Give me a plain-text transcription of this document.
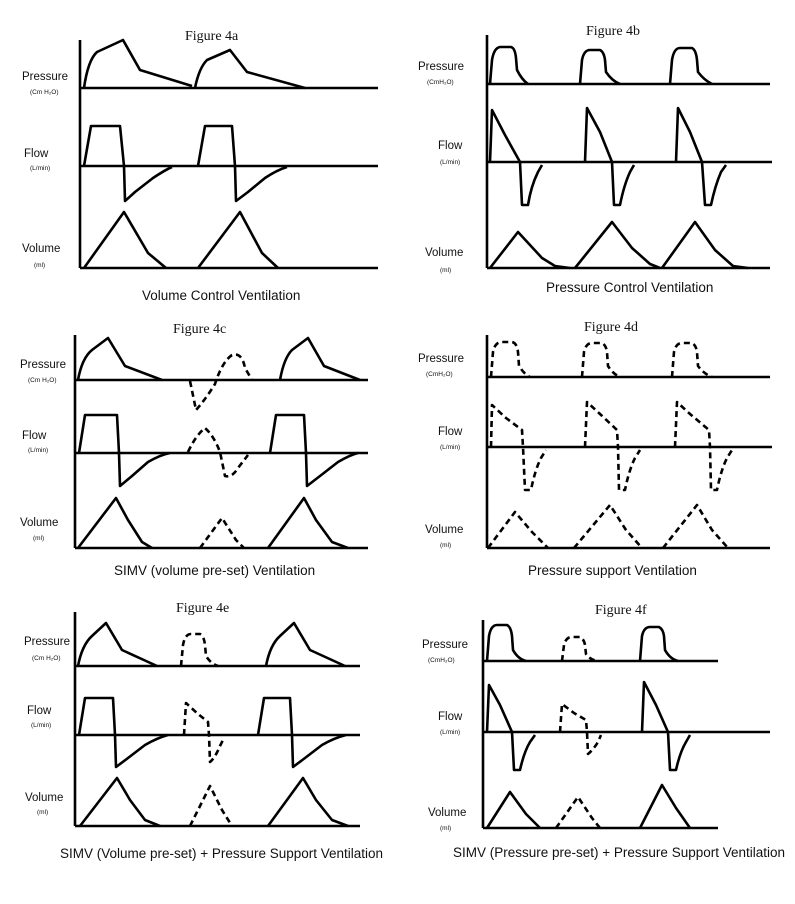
Figure 4a
Pressure
(Cm H₂O)
Flow
(L/min)
Volume
(ml)
Volume Control Ventilation
Figure 4b
Pressure
(CmH₂O)
Flow
(L/min)
Volume
(ml)
Pressure Control Ventilation
Figure 4c
Pressure
(Cm H₂O)
Flow
(L/min)
Volume
(ml)
SIMV (volume pre-set) Ventilation
Figure 4d
Pressure
(CmH₂O)
Flow
(L/min)
Volume
(ml)
Pressure support Ventilation
Figure 4e
Pressure
(Cm H₂O)
Flow
(L/min)
Volume
(ml)
SIMV (Volume pre-set) + Pressure Support Ventilation
Figure 4f
Pressure
(CmH₂O)
Flow
(L/min)
Volume
(ml)
SIMV (Pressure pre-set) + Pressure Support Ventilation
